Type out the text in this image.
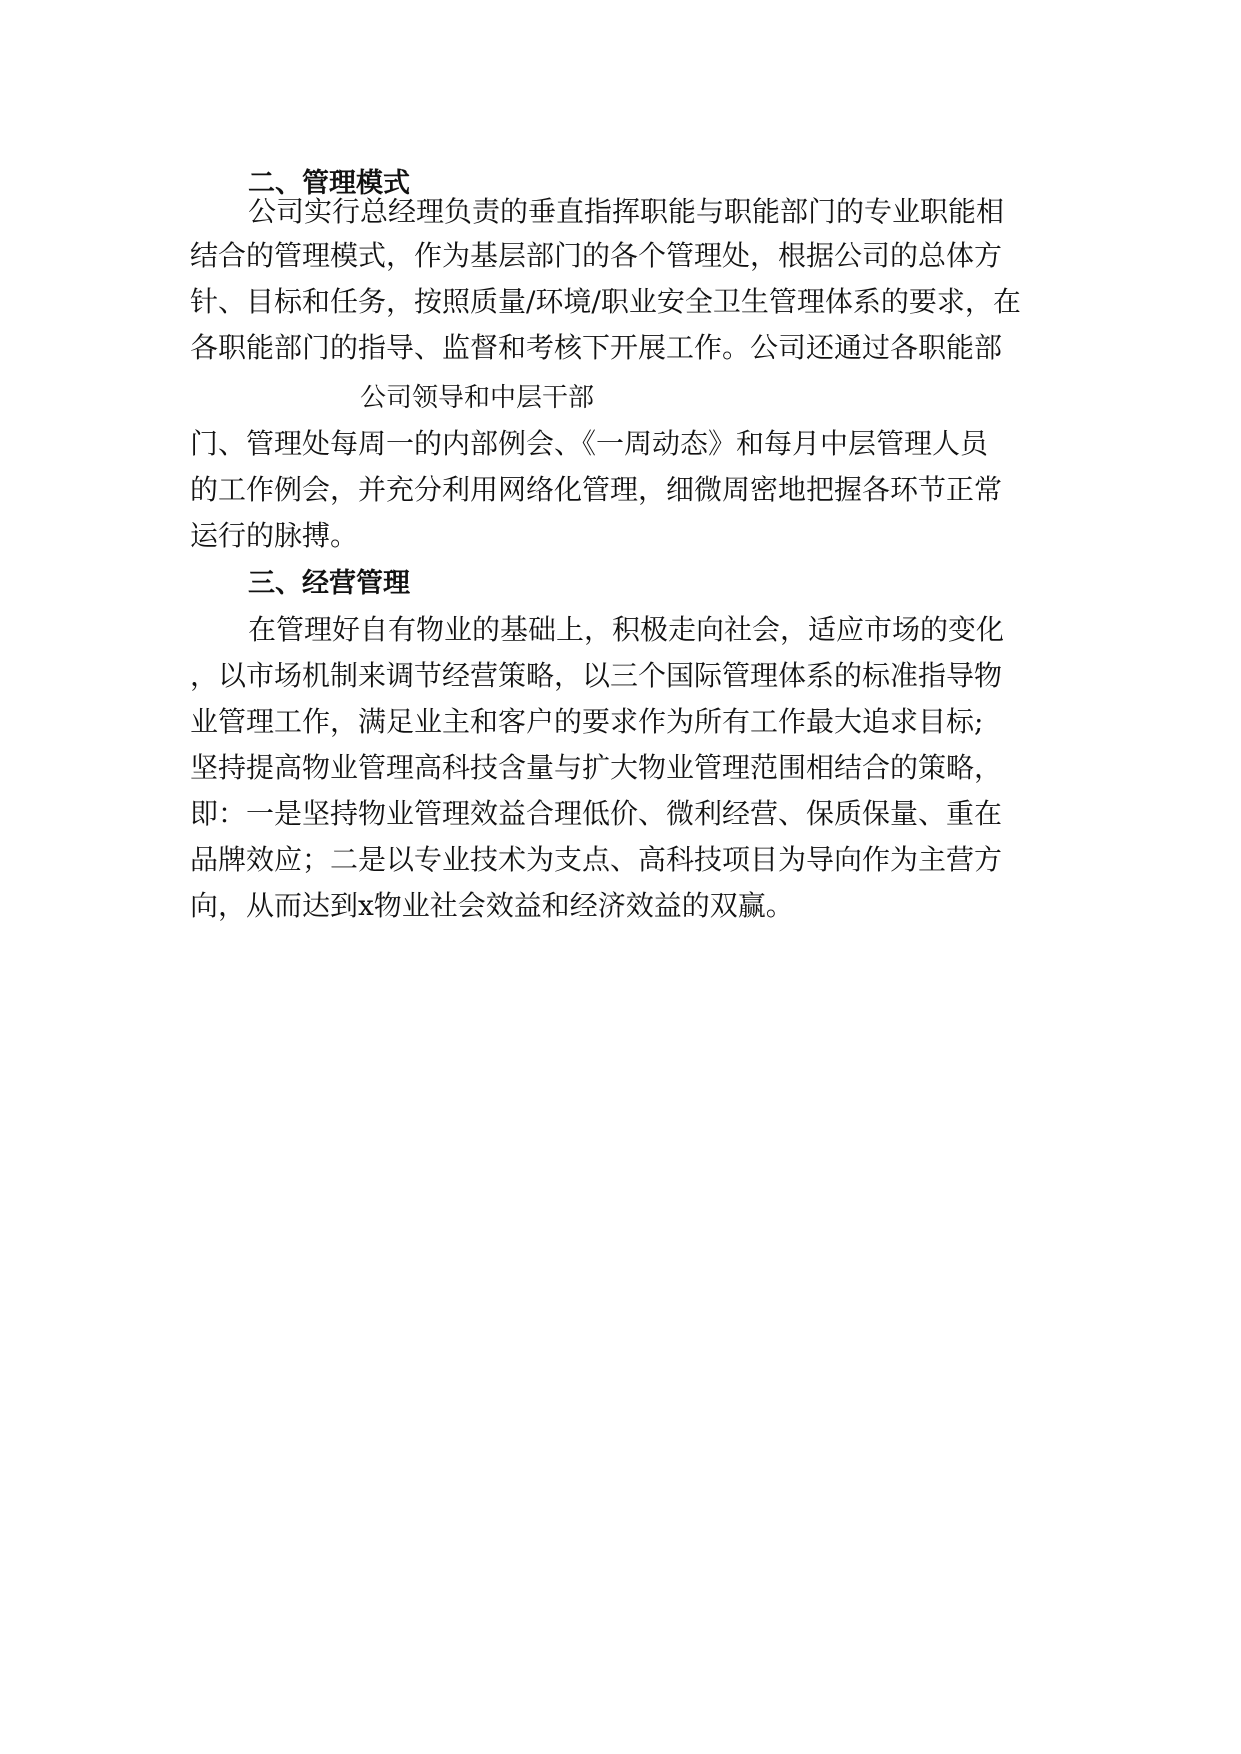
二、管理模式
公司实行总经理负责的垂直指挥职能与职能部门的专业职能相
结合的管理模式，作为基层部门的各个管理处，根据公司的总体方
针、目标和任务，按照质量/环境/职业安全卫生管理体系的要求，在
各职能部门的指导、监督和考核下开展工作。公司还通过各职能部
公司领导和中层干部
门、管理处每周一的内部例会、《一周动态》和每月中层管理人员
的工作例会，并充分利用网络化管理，细微周密地把握各环节正常
运行的脉搏。
三、经营管理
在管理好自有物业的基础上，积极走向社会，适应市场的变化
，以市场机制来调节经营策略，以三个国际管理体系的标准指导物
业管理工作，满足业主和客户的要求作为所有工作最大追求目标;
坚持提高物业管理高科技含量与扩大物业管理范围相结合的策略，
即：一是坚持物业管理效益合理低价、微利经营、保质保量、重在
品牌效应；二是以专业技术为支点、高科技项目为导向作为主营方
向，从而达到x物业社会效益和经济效益的双赢。
